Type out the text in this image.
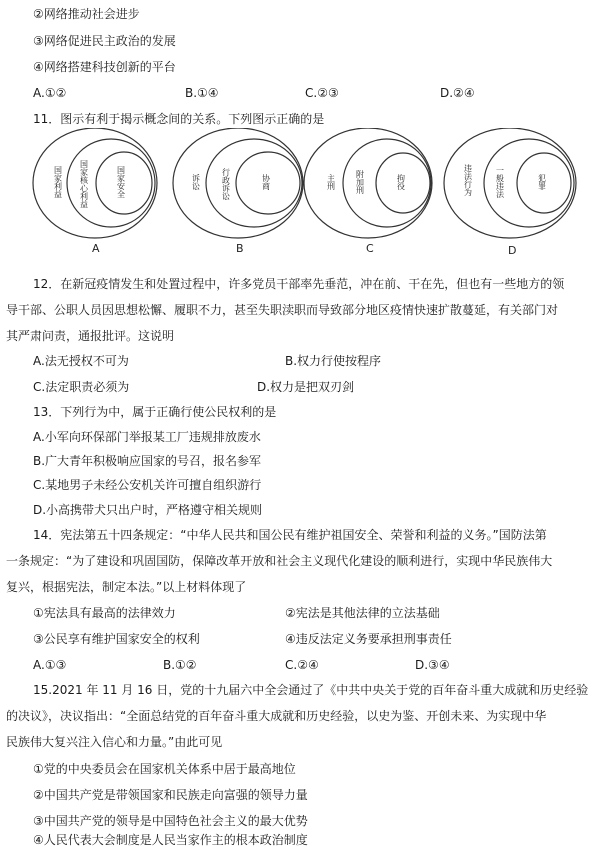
②网络推动社会进步
③网络促进民主政治的发展
④网络搭建科技创新的平台
A.①②	B.①④	C.②③	D.②④
11．图示有利于揭示概念间的关系。下列图示正确的是
国家利益 国家核心利益	国家安全	诉讼	行政诉讼	协商	主刑	附加刑	拘役	违法行为	一般违法	犯罪
A	B	C	D
12．在新冠疫情发生和处置过程中，许多党员干部率先垂范，冲在前、干在先，但也有一些地方的领
导干部、公职人员因思想松懈、履职不力，甚至失职渎职而导致部分地区疫情快速扩散蔓延，有关部门对
其严肃问责，通报批评。这说明
A.法无授权不可为	B.权力行使按程序
C.法定职责必须为	D.权力是把双刃剑
13．下列行为中，属于正确行使公民权利的是
A.小军向环保部门举报某工厂违规排放废水
B.广大青年积极响应国家的号召，报名参军
C.某地男子未经公安机关许可擅自组织游行
D.小高携带犬只出户时，严格遵守相关规则
14．宪法第五十四条规定：“中华人民共和国公民有维护祖国安全、荣誉和利益的义务。”国防法第
一条规定：“为了建设和巩固国防，保障改革开放和社会主义现代化建设的顺利进行，实现中华民族伟大
复兴，根据宪法，制定本法。”以上材料体现了
①宪法具有最高的法律效力	②宪法是其他法律的立法基础
③公民享有维护国家安全的权利	④违反法定义务要承担刑事责任
A.①③	B.①②	C.②④	D.③④
15.2021 年 11 月 16 日，党的十九届六中全会通过了《中共中央关于党的百年奋斗重大成就和历史经验
的决议》，决议指出：“全面总结党的百年奋斗重大成就和历史经验，以史为鉴、开创未来、为实现中华
民族伟大复兴注入信心和力量。”由此可见
①党的中央委员会在国家机关体系中居于最高地位
②中国共产党是带领国家和民族走向富强的领导力量
③中国共产党的领导是中国特色社会主义的最大优势
④人民代表大会制度是人民当家作主的根本政治制度
